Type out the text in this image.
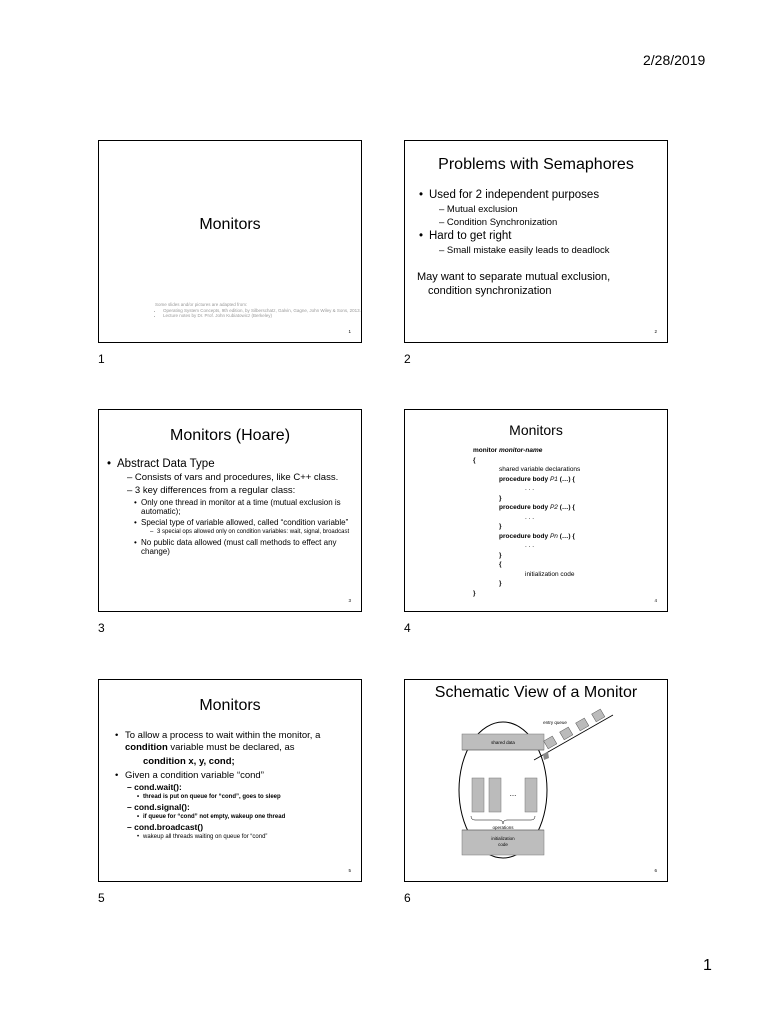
2/28/2019
Monitors
Some slides and/or pictures are adapted from:
• Operating System Concepts, 9th edition, by Silberschatz, Galvin, Gagne, John Wiley & Sons, 2013.
• Lecture notes by Dr. Prof. John Kubiatowicz (Berkeley)
1
1
Problems with Semaphores
• Used for 2 independent purposes
– Mutual exclusion
– Condition Synchronization
• Hard to get right
– Small mistake easily leads to deadlock
May want to separate mutual exclusion,
condition synchronization
2
2
Monitors (Hoare)
• Abstract Data Type
– Consists of vars and procedures, like C++ class.
– 3 key differences from a regular class:
• Only one thread in monitor at a time (mutual exclusion is automatic);
• Special type of variable allowed, called “condition variable”
– 3 special ops allowed only on condition variables: wait, signal, broadcast
• No public data allowed (must call methods to effect any change)
3
3
Monitors
monitor monitor-name
{
shared variable declarations
procedure body P1 (…) {
. . .
}
procedure body P2 (…) {
. . .
}
procedure body Pn (…) {
. . .
}
{
initialization code
}
}
4
4
Monitors
• To allow a process to wait within the monitor, a
condition variable must be declared, as
condition x, y, cond;
• Given a condition variable “cond”
– cond.wait():
• thread is put on queue for “cond”, goes to sleep
– cond.signal():
• if queue for “cond” not empty, wakeup one thread
– cond.broadcast()
• wakeup all threads waiting on queue for “cond”
5
5
Schematic View of a Monitor
shared data
...
operations
initialization
code
entry queue
6
6
1
